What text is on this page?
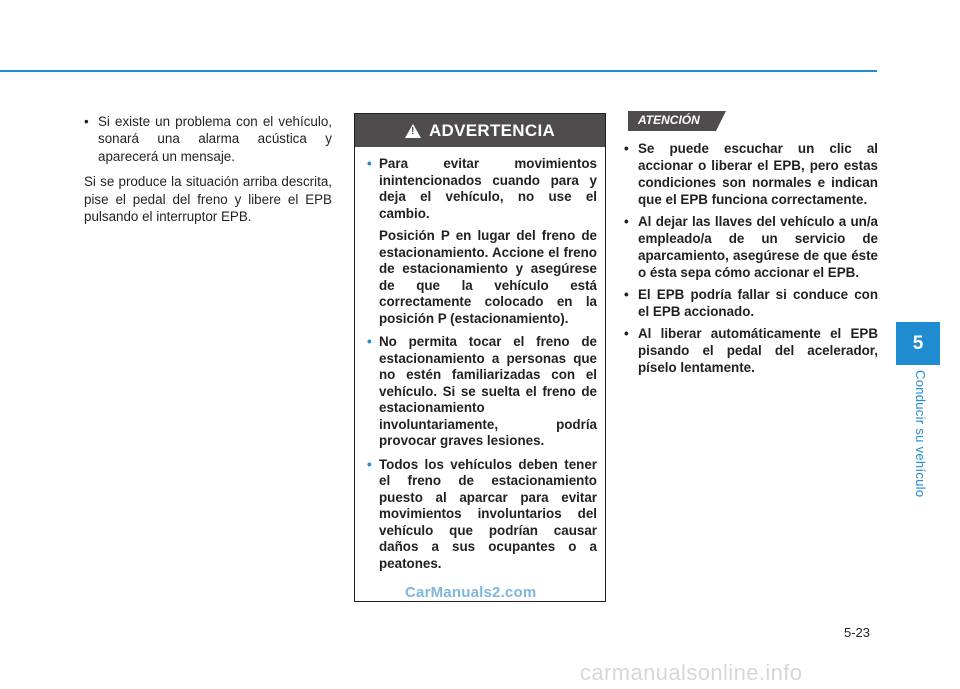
• Si existe un problema con el vehículo, sonará una alarma acústica y aparecerá un mensaje.

Si se produce la situación arriba descrita, pise el pedal del freno y libere el EPB pulsando el interruptor EPB.

!
ADVERTENCIA
• Para evitar movimientos inintencionados cuando para y deja el vehículo, no use el cambio.
Posición P en lugar del freno de estacionamiento. Accione el freno de estacionamiento y asegúrese de que la vehículo está correctamente colocado en la posición P (estacionamiento).
• No permita tocar el freno de estacionamiento a personas que no estén familiarizadas con el vehículo. Si se suelta el freno de estacionamiento involuntariamente, podría provocar graves lesiones.
• Todos los vehículos deben tener el freno de estacionamiento puesto al aparcar para evitar movimientos involuntarios del vehículo que podrían causar daños a sus ocupantes o a peatones.
CarManuals2.com
ATENCIÓN
• Se puede escuchar un clic al accionar o liberar el EPB, pero estas condiciones son normales e indican que el EPB funciona correctamente.
• Al dejar las llaves del vehículo a un/a empleado/a de un servicio de aparcamiento, asegúrese de que éste o ésta sepa cómo accionar el EPB.
• El EPB podría fallar si conduce con el EPB accionado.
• Al liberar automáticamente el EPB pisando el pedal del acelerador, píselo lentamente.
5
Conducir su vehículo
5-23
carmanualsonline.info
